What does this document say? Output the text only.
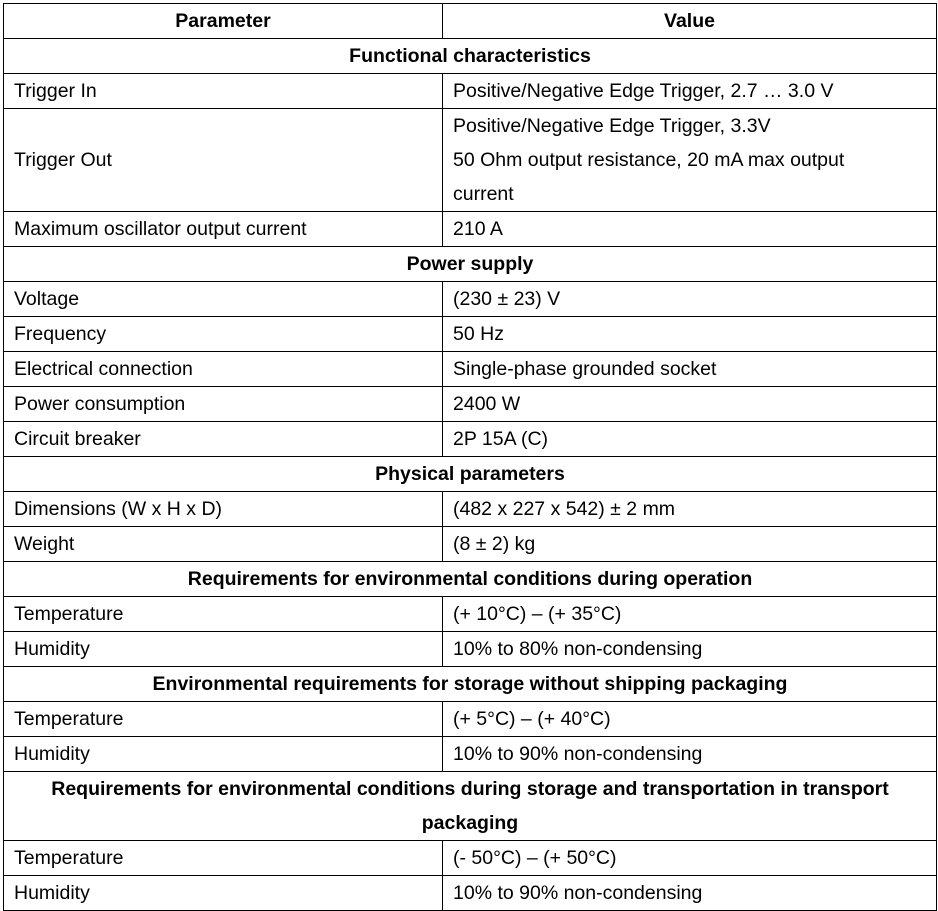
Parameter	Value
Functional characteristics	
Trigger In	Positive/Negative Edge Trigger, 2.7 … 3.0 V

Trigger Out	Positive/Negative Edge Trigger, 3.3V
50 Ohm output resistance, 20 mA max output
current

Maximum oscillator output current	210 A

Power supply	
Voltage	(230 ± 23) V

Frequency	50 Hz

Electrical connection	Single-phase grounded socket

Power consumption	2400 W

Circuit breaker	2P 15A (C)

Physical parameters	
Dimensions (W x H x D)	(482 x 227 x 542) ± 2 mm

Weight	(8 ± 2) kg

Requirements for environmental conditions during operation	
Temperature	(+ 10°C) – (+ 35°C)

Humidity	10% to 80% non-condensing

Environmental requirements for storage without shipping packaging	
Temperature	(+ 5°C) – (+ 40°C)

Humidity	10% to 90% non-condensing

Requirements for environmental conditions during storage and transportation in transport packaging	
Temperature	(- 50°C) – (+ 50°C)

Humidity	10% to 90% non-condensing
